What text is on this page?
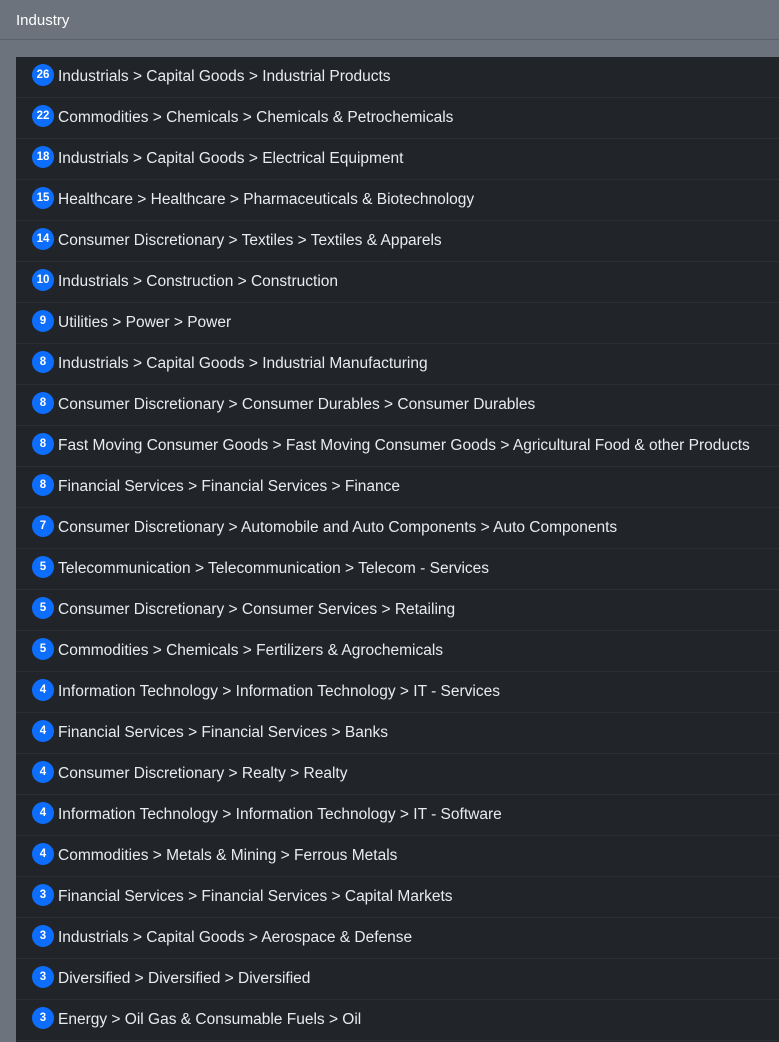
Industry
26 Industrials > Capital Goods > Industrial Products
22 Commodities > Chemicals > Chemicals & Petrochemicals
18 Industrials > Capital Goods > Electrical Equipment
15 Healthcare > Healthcare > Pharmaceuticals & Biotechnology
14 Consumer Discretionary > Textiles > Textiles & Apparels
10 Industrials > Construction > Construction
9 Utilities > Power > Power
8 Industrials > Capital Goods > Industrial Manufacturing
8 Consumer Discretionary > Consumer Durables > Consumer Durables
8 Fast Moving Consumer Goods > Fast Moving Consumer Goods > Agricultural Food & other Products
8 Financial Services > Financial Services > Finance
7 Consumer Discretionary > Automobile and Auto Components > Auto Components
5 Telecommunication > Telecommunication > Telecom - Services
5 Consumer Discretionary > Consumer Services > Retailing
5 Commodities > Chemicals > Fertilizers & Agrochemicals
4 Information Technology > Information Technology > IT - Services
4 Financial Services > Financial Services > Banks
4 Consumer Discretionary > Realty > Realty
4 Information Technology > Information Technology > IT - Software
4 Commodities > Metals & Mining > Ferrous Metals
3 Financial Services > Financial Services > Capital Markets
3 Industrials > Capital Goods > Aerospace & Defense
3 Diversified > Diversified > Diversified
3 Energy > Oil Gas & Consumable Fuels > Oil
